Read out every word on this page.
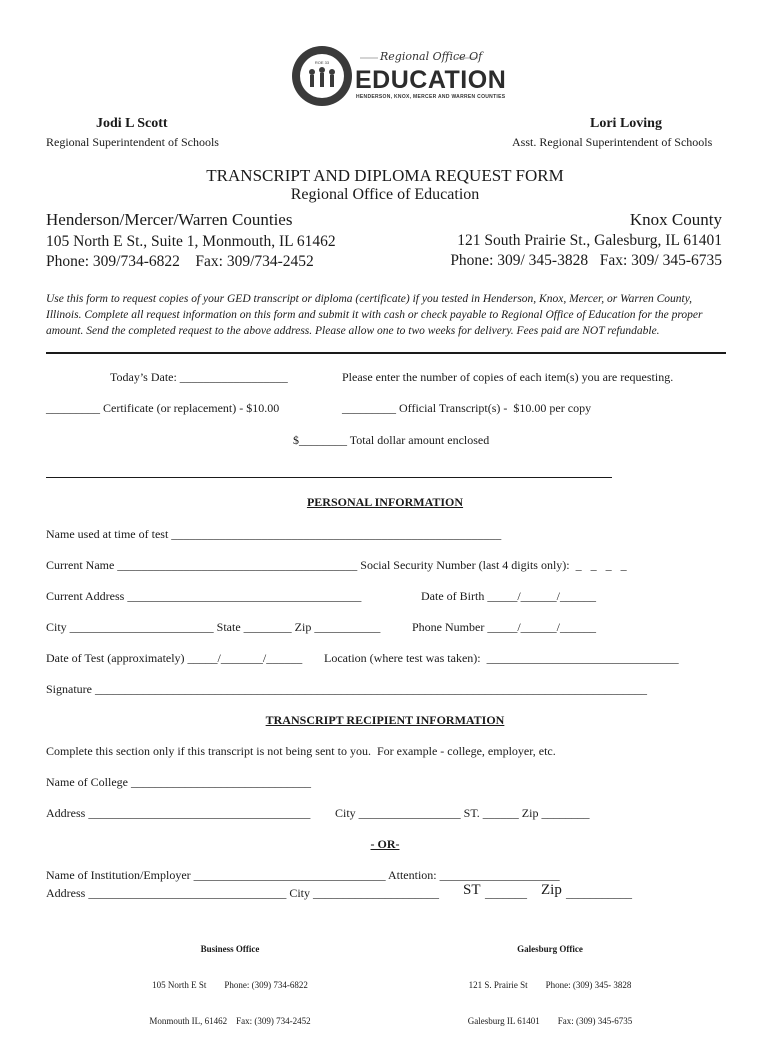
ROE 33	Regional Office Of
EDUCATION
HENDERSON, KNOX, MERCER AND WARREN COUNTIES
Jodi L Scott
Regional Superintendent of Schools
Lori Loving
Asst. Regional Superintendent of Schools
TRANSCRIPT AND DIPLOMA REQUEST FORM
Regional Office of Education
Henderson/Mercer/Warren Counties
105 North E St., Suite 1, Monmouth, IL 61462
Phone: 309/734-6822    Fax: 309/734-2452
Knox County
121 South Prairie St., Galesburg, IL 61401
Phone: 309/ 345-3828   Fax: 309/ 345-6735
Use this form to request copies of your GED transcript or diploma (certificate) if you tested in Henderson, Knox, Mercer, or Warren County, Illinois. Complete all request information on this form and submit it with cash or check payable to Regional Office of Education for the proper amount. Send the completed request to the above address. Please allow one to two weeks for delivery. Fees paid are NOT refundable.
Today’s Date: __________________	Please enter the number of copies of each item(s) you are requesting.
_________ Certificate (or replacement) - $10.00	_________ Official Transcript(s) -  $10.00 per copy
$________ Total dollar amount enclosed
PERSONAL INFORMATION
Name used at time of test _______________________________________________________
Current Name ________________________________________ Social Security Number (last 4 digits only):  _   _   _   _
Current Address _______________________________________	Date of Birth _____/______/______
City ________________________ State ________ Zip ___________	Phone Number _____/______/______
Date of Test (approximately) _____/_______/______ Location (where test was taken):  ________________________________
Signature ____________________________________________________________________________________________
TRANSCRIPT RECIPIENT INFORMATION
Complete this section only if this transcript is not being sent to you.  For example - college, employer, etc.
Name of College ______________________________
Address _____________________________________ City _________________ ST. ______ Zip ________
- OR-
Name of Institution/Employer ________________________________ Attention: ____________________
Address _________________________________ City _____________________ ST _______ Zip ___________

Business Office

105 North E St        Phone: (309) 734-6822

Monmouth IL, 61462    Fax: (309) 734-2452

Galesburg Office

121 S. Prairie St        Phone: (309) 345- 3828

Galesburg IL 61401        Fax: (309) 345-6735
